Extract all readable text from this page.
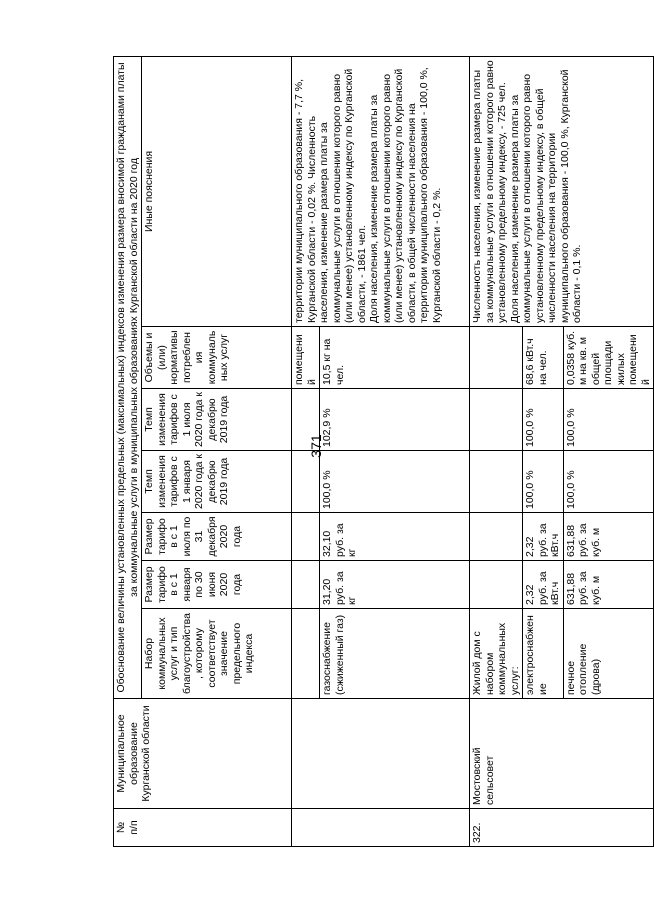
371
№
п/п	Муниципальное образование Курганской области	Обоснование величины установленных предельных (максимальных) индексов изменения размера вносимой гражданами платы за коммунальные услуги в муниципальных образованиях Курганской области на 2020 год						
		Набор коммунальных услуг и тип благоустройства, которому соответствует значение предельного индекса	Размер тарифов с 1 января по 30 июня 2020 года	Размер тарифов с 1 июля по 31 декабря 2020 года	Темп изменения тарифов с 1 января 2020 года к декабрю 2019 года	Темп изменения тарифов с 1 июля 2020 года к декабрю 2019 года	Объемы и (или) нормативы потребления коммунальных услуг	Иные пояснения
							помещений	территории муниципального образования - 7,7 %, Курганской области - 0,02 %. Численность населения, изменение размера платы за коммунальные услуги в отношении которого равно (или менее) установленному индексу по Курганской области, - 1861 чел.
Доля населения, изменение размера платы за коммунальные услуги в отношении которого равно (или менее) установленному индексу по Курганской области, в общей численности населения на территории муниципального образования - 100,0 %, Курганской области - 0,2 %.
		газоснабжение (сжиженный газ)	31,20 руб. за кг	32,10 руб. за кг	100,0 %	102,9 %	10,5 кг на чел.	
322.	Мостовский сельсовет	Жилой дом с набором коммунальных услуг:						Численность населения, изменение размера платы за коммунальные услуги в отношении которого равно установленному предельному индексу, - 725 чел.
Доля населения, изменение размера платы за коммунальные услуги в отношении которого равно установленному предельному индексу, в общей численности населения на территории муниципального образования - 100,0 %, Курганской области - 0,1 %.
		электроснабжение	2,32 руб. за кВт.ч	2,32 руб. за кВт.ч	100,0 %	100,0 %	68,6 кВт.ч на чел.	
		печное отопление (дрова)	631,88 руб. за куб. м	631,88 руб. за куб. м	100,0 %	100,0 %	0,0358 куб. м на кв. м общей площади жилых помещений	
